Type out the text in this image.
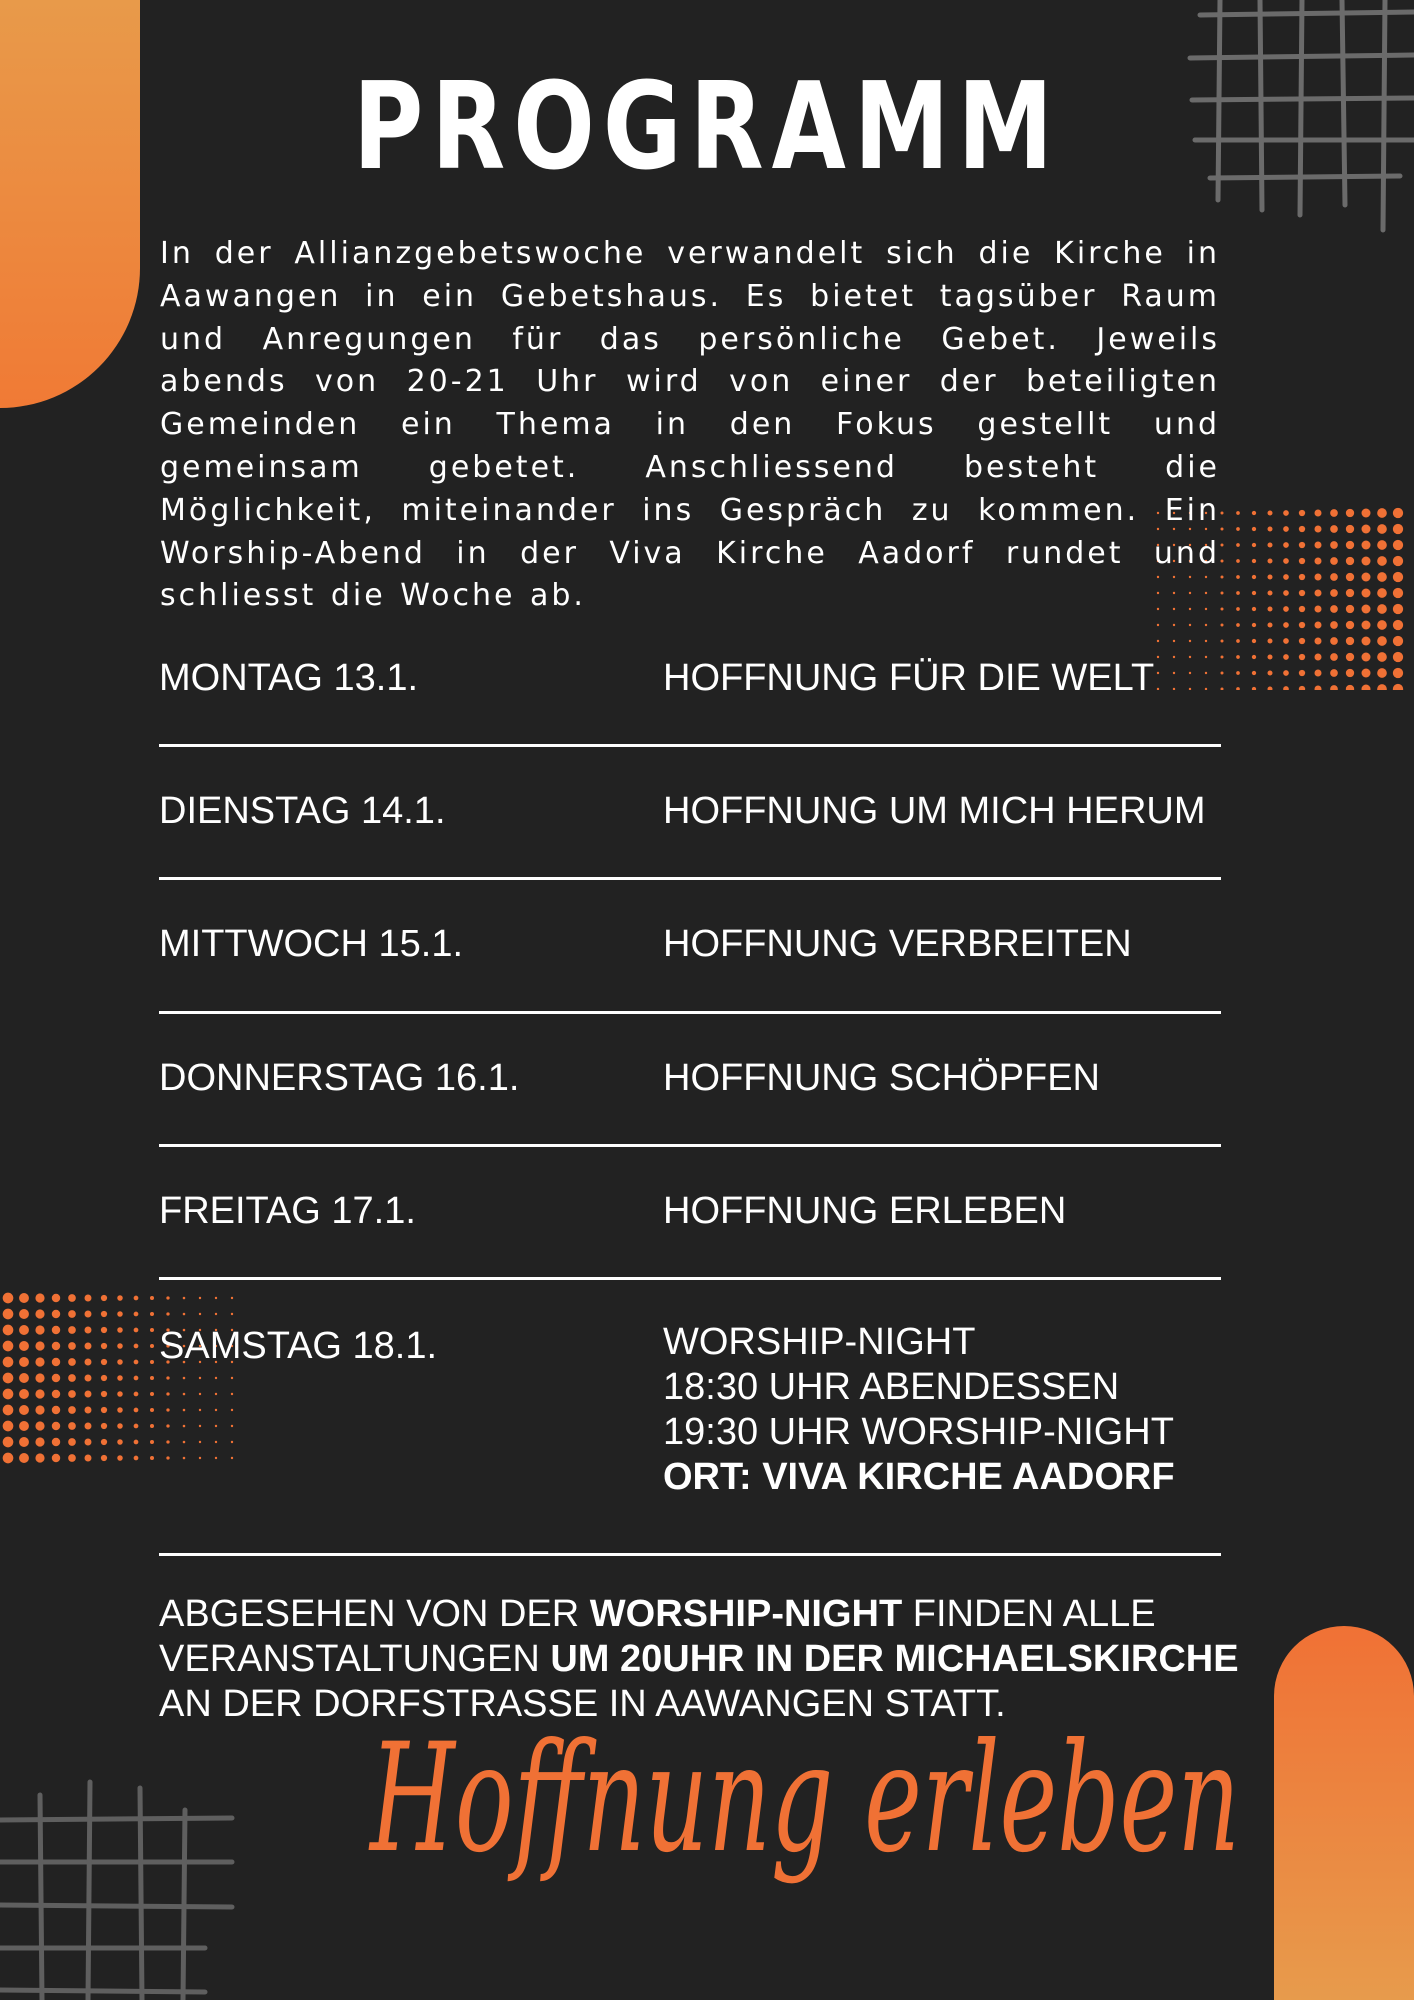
PROGRAMM

In der Allianzgebetswoche verwandelt sich die Kirche in Aawangen in ein Gebetshaus. Es bietet tagsüber Raum und Anregungen für das persönliche Gebet. Jeweils abends von 20-21 Uhr wird von einer der beteiligten Gemeinden ein Thema in den Fokus gestellt und gemeinsam gebetet. Anschliessend besteht die Möglichkeit, miteinander ins Gespräch zu kommen. Ein Worship-Abend in der Viva Kirche Aadorf rundet und schliesst die Woche ab.

MONTAG 13.1.	HOFFNUNG FÜR DIE WELT
DIENSTAG 14.1.	HOFFNUNG UM MICH HERUM
MITTWOCH 15.1.	HOFFNUNG VERBREITEN
DONNERSTAG 16.1.	HOFFNUNG SCHÖPFEN
FREITAG 17.1.	HOFFNUNG ERLEBEN
SAMSTAG 18.1.	WORSHIP-NIGHT
18:30 UHR ABENDESSEN
19:30 UHR WORSHIP-NIGHT
ORT: VIVA KIRCHE AADORF

ABGESEHEN VON DER WORSHIP-NIGHT FINDEN ALLE VERANSTALTUNGEN UM 20UHR IN DER MICHAELSKIRCHE AN DER DORFSTRASSE IN AAWANGEN STATT.

Hoffnung erleben
